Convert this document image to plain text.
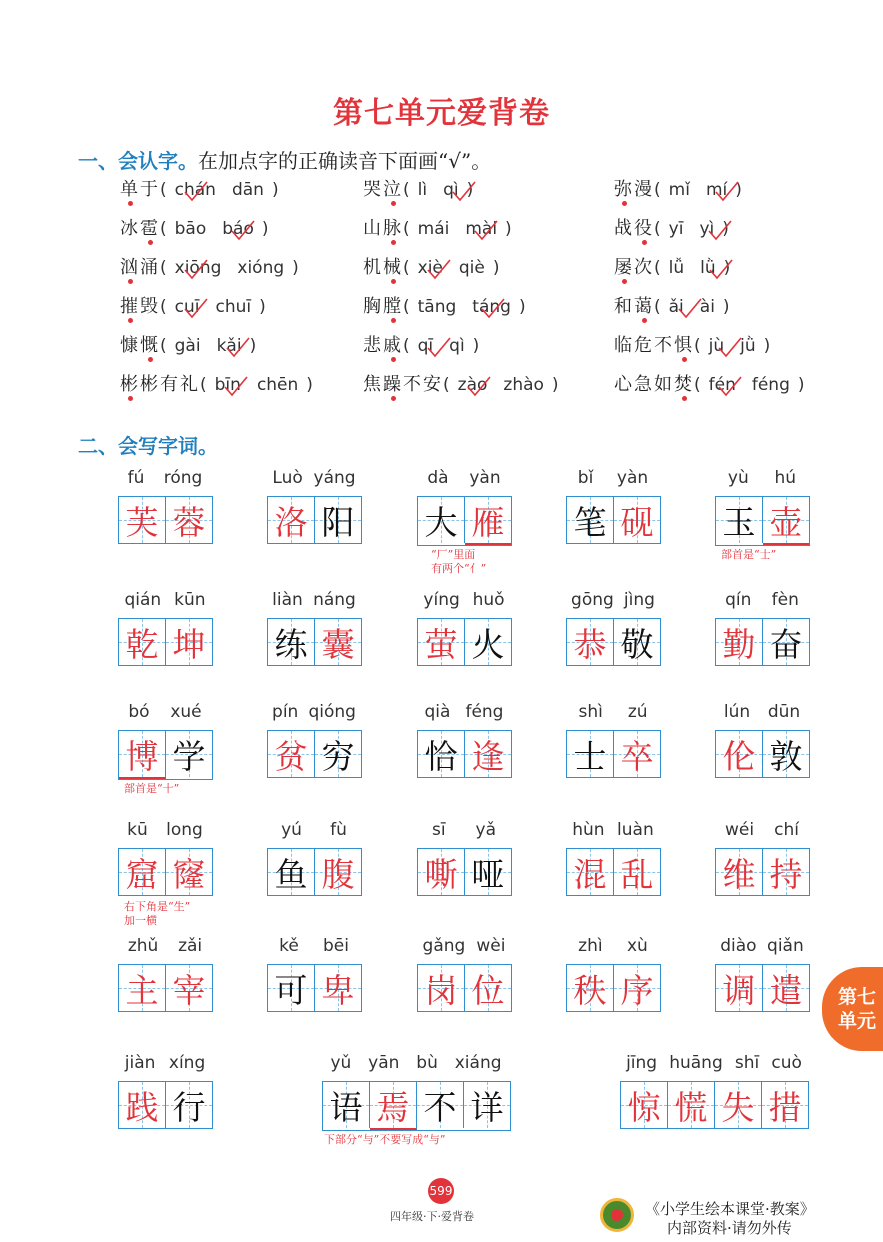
第七单元爱背卷
一、会认字。在加点字的正确读音下面画“√”。
单于( chán dān )	哭泣( lì qì )	弥漫( mǐ mí )
冰雹( bāo báo )	山脉( mái mài )	战役( yī yì )
汹涌( xiōng xióng )	机械( xiè qiè )	屡次( lǚ lǜ )
摧毁( cuī chuī )	胸膛( tāng táng )	和蔼( ǎi ài )
慷慨( gài kǎi )	悲戚( qī qì )	临危不惧( jù jǜ )
彬彬有礼( bīn chēn )	焦躁不安( zào zhào )	心急如焚( fén féng )
二、会写字词。
fú róng
芙 蓉
Luò yáng
洛 阳
dà yàn
大 雁
“厂”里面
有两个“亻”
bǐ yàn
笔 砚
yù hú
玉 壶
部首是“士”
qián kūn
乾 坤
liàn náng
练 囊
yíng huǒ
萤 火
gōng jìng
恭 敬
qín fèn
勤 奋
bó xué
博 学
部首是“十”
pín qióng
贫 穷
qià féng
恰 逢
shì zú
士 卒
lún dūn
伦 敦
kū long
窟 窿
右下角是“生”
加一横
yú fù
鱼 腹
sī yǎ
嘶 哑
hùn luàn
混 乱
wéi chí
维 持
zhǔ zǎi
主 宰
kě bēi
可 卑
gǎng wèi
岗 位
zhì xù
秩 序
diào qiǎn
调 遣
jiàn xíng
践 行
yǔ yān bù xiáng
语 焉 不 详
下部分“与”不要写成“与”
jīng huāng shī cuò
惊 慌 失 措
第七
单元
599
四年级·下·爱背卷	《小学生绘本课堂·教案》
内部资料·请勿外传
